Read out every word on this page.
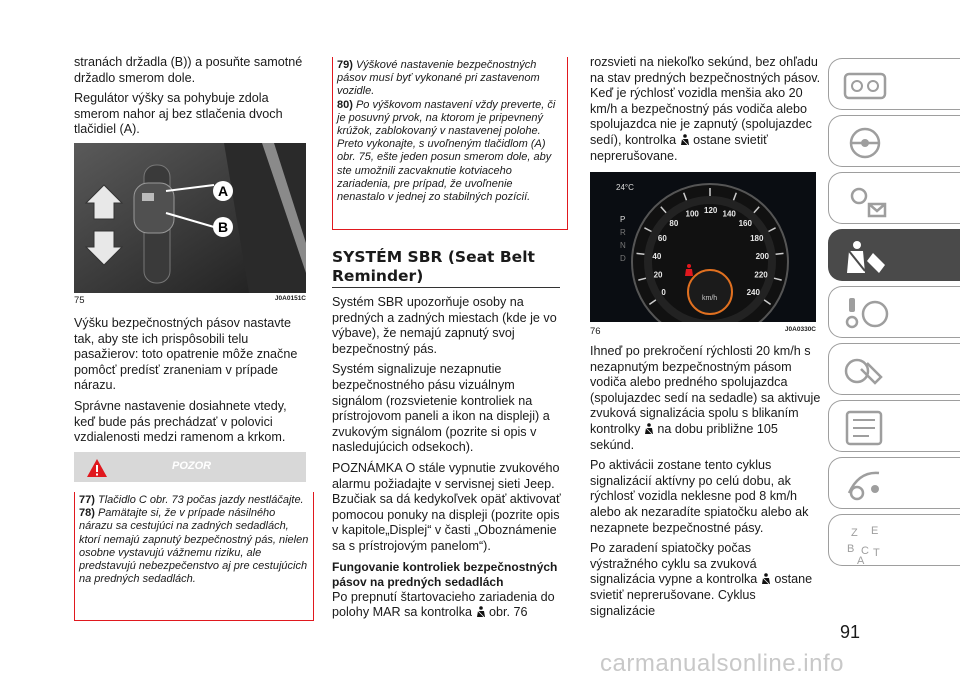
stranách držadla (B)) a posuňte samotné držadlo smerom dole.

Regulátor výšky sa pohybuje zdola smerom nahor aj bez stlačenia dvoch tlačidiel (A).

A
B
75	J0A0151C

Výšku bezpečnostných pásov nastavte tak, aby ste ich prispôsobili telu pasažierov: toto opatrenie môže značne pomôcť predísť zraneniam v prípade nárazu.

Správne nastavenie dosiahnete vtedy, keď bude pás prechádzať v polovici vzdialenosti medzi ramenom a krkom.

POZOR
77) Tlačidlo C obr. 73 počas jazdy nestláčajte.
78) Pamätajte si, že v prípade násilného nárazu sa cestujúci na zadných sedadlách, ktorí nemajú zapnutý bezpečnostný pás, nielen osobne vystavujú vážnemu riziku, ale predstavujú nebezpečenstvo aj pre cestujúcich na predných sedadlách.
79) Výškové nastavenie bezpečnostných pásov musí byť vykonané pri zastavenom vozidle.
80) Po výškovom nastavení vždy preverte, či je posuvný prvok, na ktorom je pripevnený krúžok, zablokovaný v nastavenej polohe. Preto vykonajte, s uvoľneným tlačidlom (A) obr. 75, ešte jeden posun smerom dole, aby ste umožnili zacvaknutie kotviaceho zariadenia, pre prípad, že uvoľnenie nenastalo v jednej zo stabilných pozícií.
SYSTÉM SBR (Seat Belt Reminder)

Systém SBR upozorňuje osoby na predných a zadných miestach (kde je vo výbave), že nemajú zapnutý svoj bezpečnostný pás.

Systém signalizuje nezapnutie bezpečnostného pásu vizuálnym signálom (rozsvietenie kontroliek na prístrojovom paneli a ikon na displeji) a zvukovým signálom (pozrite si opis v nasledujúcich odsekoch).

POZNÁMKA O stále vypnutie zvukového alarmu požiadajte v servisnej sieti Jeep. Bzučiak sa dá kedykoľvek opäť aktivovať pomocou ponuky na displeji (pozrite opis v kapitole„Displej“ v časti „Oboznámenie sa s prístrojovým panelom“).

Fungovanie kontroliek bezpečnostných pásov na predných sedadlách

Po prepnutí štartovacieho zariadenia do polohy MAR sa kontrolka obr. 76

rozsvieti na niekoľko sekúnd, bez ohľadu na stav predných bezpečnostných pásov. Keď je rýchlosť vozidla menšia ako 20 km/h a bezpečnostný pás vodiča alebo spolujazdca nie je zapnutý (spolujazdec sedí), kontrolka ostane svietiť neprerušovane.

24°C
0
20
40
60
80
100 120 140
160
180
200
220
240
P
R
N
D
km/h
76	J0A0330C

Ihneď po prekročení rýchlosti 20 km/h s nezapnutým bezpečnostným pásom vodiča alebo predného spolujazdca (spolujazdec sedí na sedadle) sa aktivuje zvuková signalizácia spolu s blikaním kontrolky na dobu približne 105 sekúnd.

Po aktivácii zostane tento cyklus signalizácií aktívny po celú dobu, ak rýchlosť vozidla neklesne pod 8 km/h alebo ak nezaradíte spiatočku alebo ak nezapnete bezpečnostné pásy.

Po zaradení spiatočky počas výstražného cyklu sa zvuková signalizácia vypne a kontrolka ostane svietiť neprerušovane. Cyklus signalizácie

Z E
B C T
A
91
carmanualsonline.info
